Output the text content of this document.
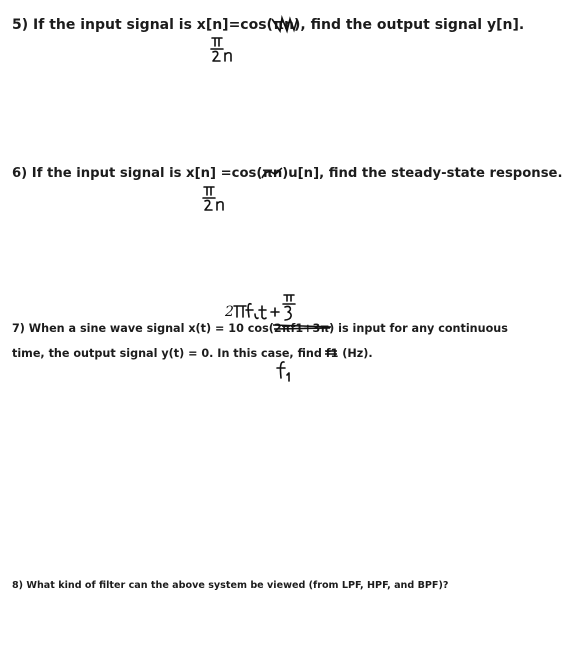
5) If the input signal is x[n]=cos(πn
), find the output signal y[n].
6) If the input signal is x[n] =cos(πn
)u[n], find the steady-state response.
2
7) When a sine wave signal x(t) = 10 cos(2πf1+3π
) is input for any continuous
time, the output signal y(t) = 0. In this case, find f1
(Hz).
8) What kind of filter can the above system be viewed (from LPF, HPF, and BPF)?
